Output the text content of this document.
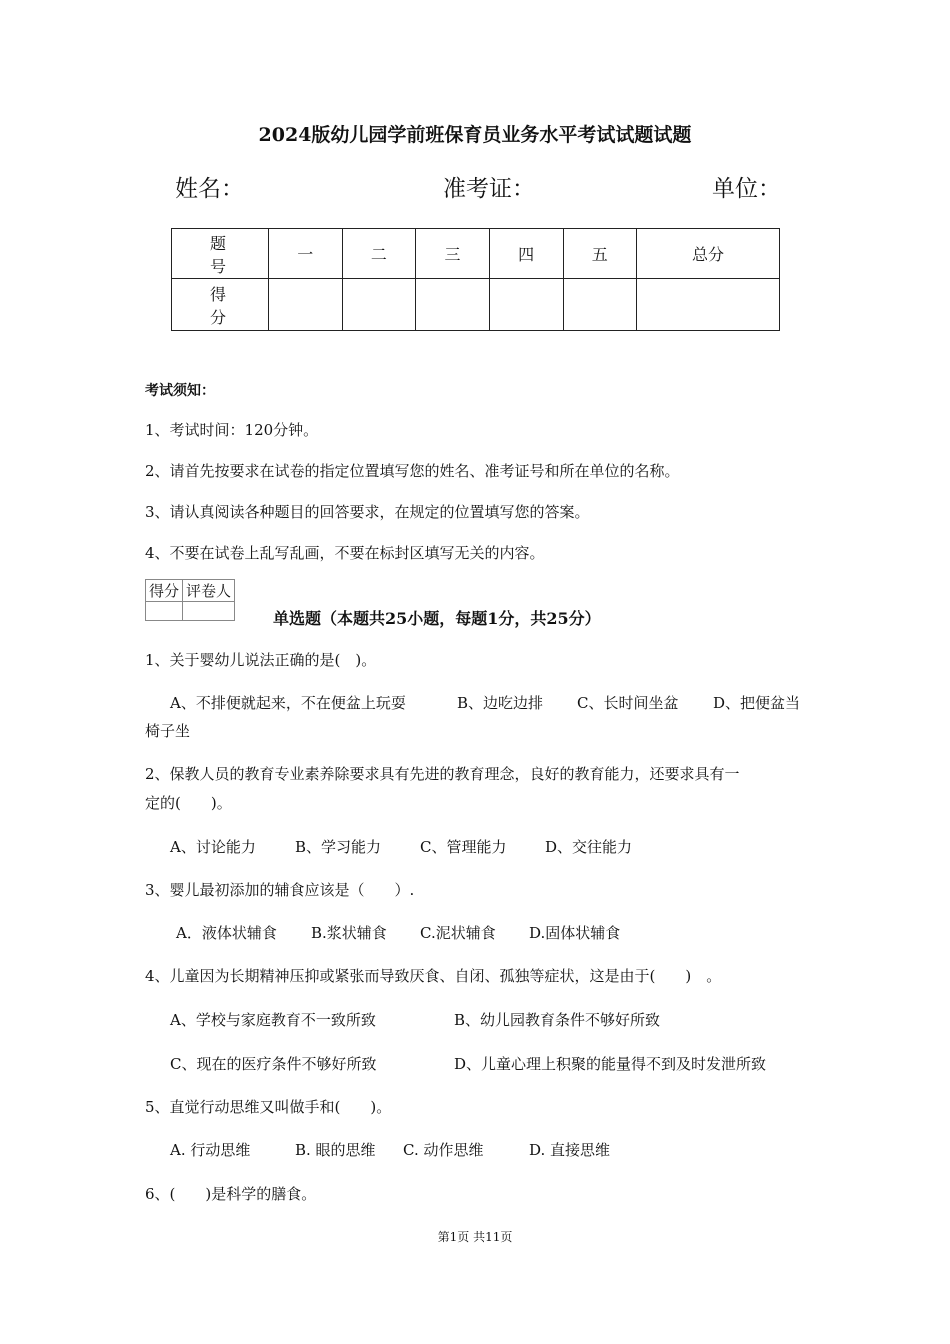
2024版幼儿园学前班保育员业务水平考试试题试题
姓名：	准考证：	单位：
题　号	一	二	三	四	五	总分
得　分						
考试须知：
1、考试时间：120分钟。
2、请首先按要求在试卷的指定位置填写您的姓名、准考证号和所在单位的名称。
3、请认真阅读各种题目的回答要求，在规定的位置填写您的答案。
4、不要在试卷上乱写乱画，不要在标封区填写无关的内容。
得分	评卷人

单选题（本题共25小题，每题1分，共25分）
1、关于婴幼儿说法正确的是(　)。
A、不排便就起来，不在便盆上玩耍	B、边吃边排 C、长时间坐盆 D、把便盆当
椅子坐
2、保教人员的教育专业素养除要求具有先进的教育理念，良好的教育能力，还要求具有一
定的(　　)。
A、讨论能力	B、学习能力	C、管理能力	D、交往能力
3、婴儿最初添加的辅食应该是（　　）.
A．液体状辅食 B.浆状辅食 C.泥状辅食 D.固体状辅食
4、儿童因为长期精神压抑或紧张而导致厌食、自闭、孤独等症状，这是由于(　　)　。
A、学校与家庭教育不一致所致	B、幼儿园教育条件不够好所致
C、现在的医疗条件不够好所致	D、儿童心理上积聚的能量得不到及时发泄所致
5、直觉行动思维又叫做手和(　　)。
A. 行动思维	B. 眼的思维 C. 动作思维	D. 直接思维
6、(　　)是科学的膳食。
第1页 共11页
